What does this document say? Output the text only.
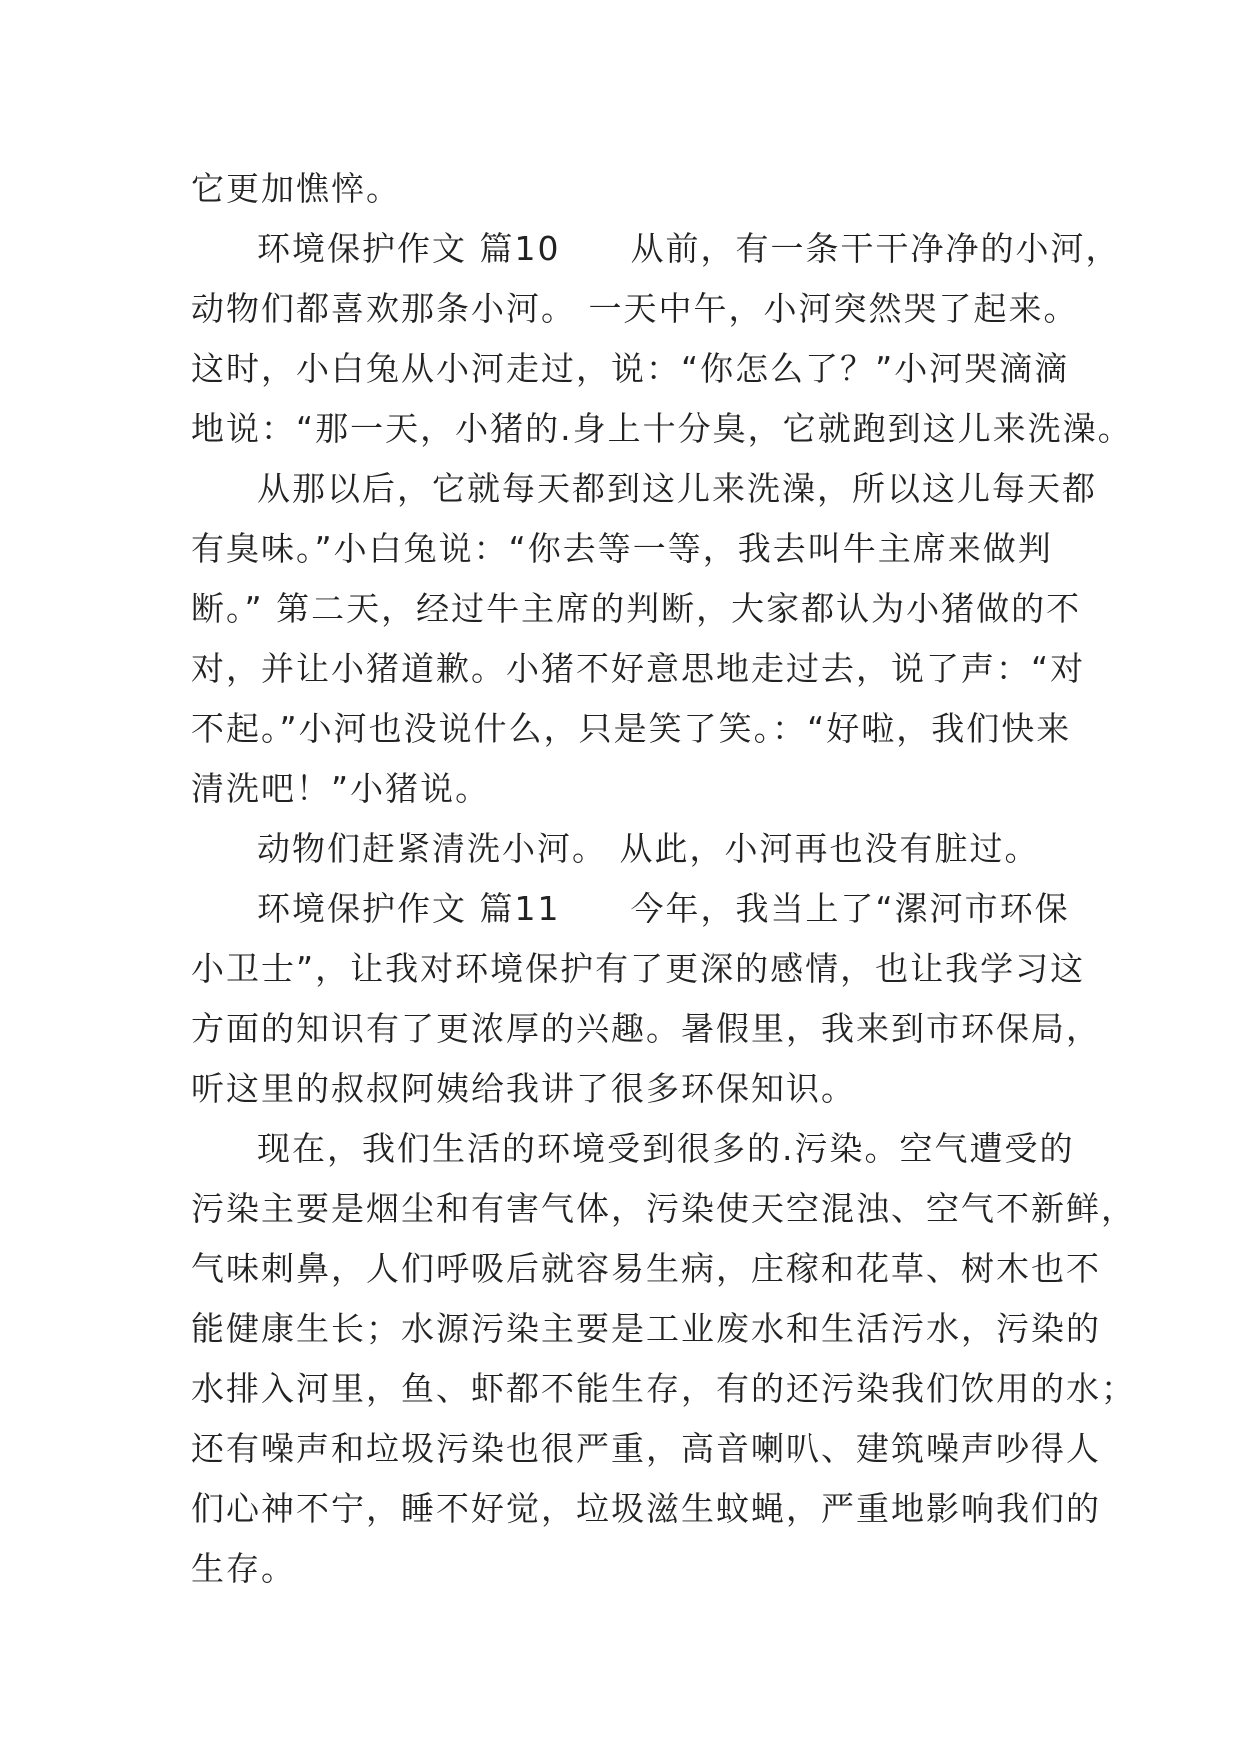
它更加憔悴。
环境保护作文 篇10　　从前，有一条干干净净的小河，
动物们都喜欢那条小河。 一天中午，小河突然哭了起来。
这时，小白兔从小河走过，说：“你怎么了？”小河哭滴滴
地说：“那一天，小猪的.身上十分臭，它就跑到这儿来洗澡。
从那以后，它就每天都到这儿来洗澡，所以这儿每天都
有臭味。”小白兔说：“你去等一等，我去叫牛主席来做判
断。” 第二天，经过牛主席的判断，大家都认为小猪做的不
对，并让小猪道歉。小猪不好意思地走过去，说了声：“对
不起。”小河也没说什么，只是笑了笑。：“好啦，我们快来
清洗吧！”小猪说。
动物们赶紧清洗小河。 从此，小河再也没有脏过。
环境保护作文 篇11　　今年，我当上了“漯河市环保
小卫士”，让我对环境保护有了更深的感情，也让我学习这
方面的知识有了更浓厚的兴趣。暑假里，我来到市环保局，
听这里的叔叔阿姨给我讲了很多环保知识。
现在，我们生活的环境受到很多的.污染。空气遭受的
污染主要是烟尘和有害气体，污染使天空混浊、空气不新鲜，
气味刺鼻，人们呼吸后就容易生病，庄稼和花草、树木也不
能健康生长；水源污染主要是工业废水和生活污水，污染的
水排入河里，鱼、虾都不能生存，有的还污染我们饮用的水；
还有噪声和垃圾污染也很严重，高音喇叭、建筑噪声吵得人
们心神不宁，睡不好觉，垃圾滋生蚊蝇，严重地影响我们的
生存。
